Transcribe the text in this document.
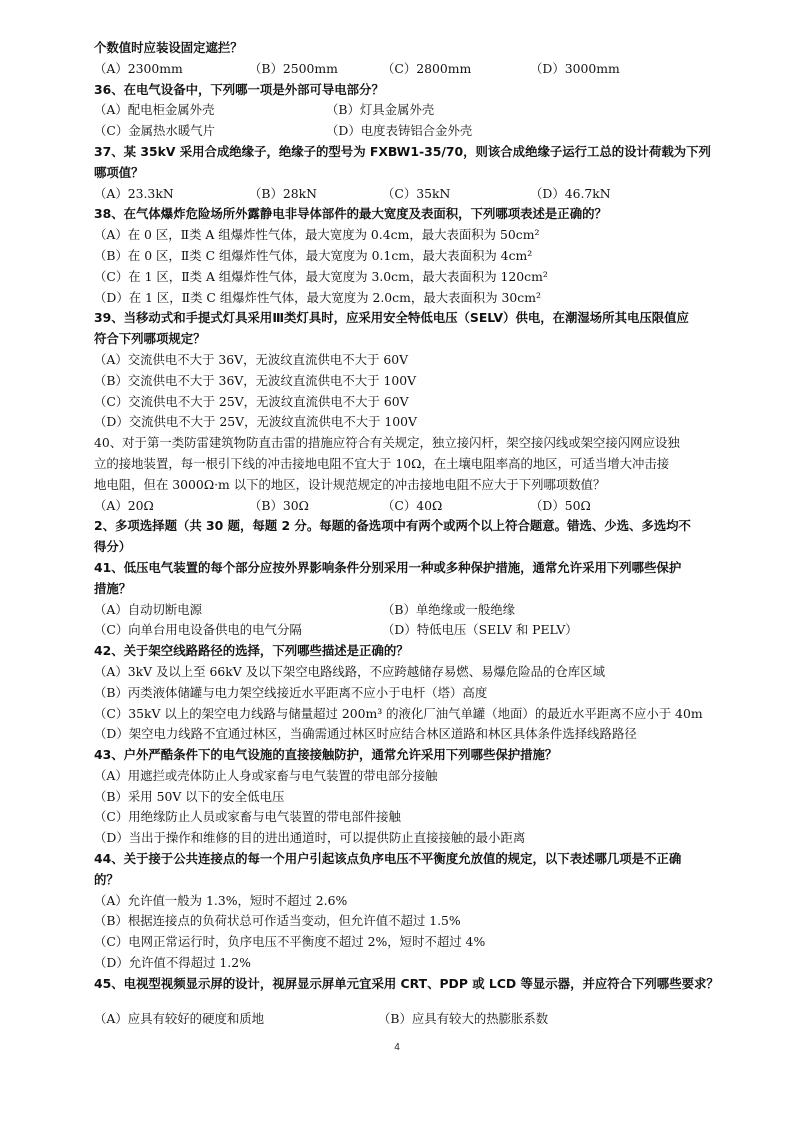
个数值时应装设固定遮拦？
（A）2300mm	（B）2500mm	（C）2800mm	（D）3000mm
36、在电气设备中，下列哪一项是外部可导电部分？
（A）配电柜金属外壳	（B）灯具金属外壳
（C）金属热水暖气片	（D）电度表铸铝合金外壳
37、某 35kV 采用合成绝缘子，绝缘子的型号为 FXBW1-35/70，则该合成绝缘子运行工总的设计荷载为下列
哪项值？
（A）23.3kN	（B）28kN	（C）35kN	（D）46.7kN
38、在气体爆炸危险场所外露静电非导体部件的最大宽度及表面积，下列哪项表述是正确的？
（A）在 0 区，Ⅱ类 A 组爆炸性气体，最大宽度为 0.4cm，最大表面积为 50cm²
（B）在 0 区，Ⅱ类 C 组爆炸性气体，最大宽度为 0.1cm，最大表面积为 4cm²
（C）在 1 区，Ⅱ类 A 组爆炸性气体，最大宽度为 3.0cm，最大表面积为 120cm²
（D）在 1 区，Ⅱ类 C 组爆炸性气体，最大宽度为 2.0cm，最大表面积为 30cm²
39、当移动式和手提式灯具采用Ⅲ类灯具时，应采用安全特低电压（SELV）供电，在潮湿场所其电压限值应
符合下列哪项规定？
（A）交流供电不大于 36V，无波纹直流供电不大于 60V
（B）交流供电不大于 36V，无波纹直流供电不大于 100V
（C）交流供电不大于 25V，无波纹直流供电不大于 60V
（D）交流供电不大于 25V，无波纹直流供电不大于 100V
40、对于第一类防雷建筑物防直击雷的措施应符合有关规定，独立接闪杆，架空接闪线或架空接闪网应设独
立的接地装置，每一根引下线的冲击接地电阻不宜大于 10Ω，在土壤电阻率高的地区，可适当增大冲击接
地电阻，但在 3000Ω·m 以下的地区，设计规范规定的冲击接地电阻不应大于下列哪项数值？
（A）20Ω	（B）30Ω	（C）40Ω	（D）50Ω
2、多项选择题（共 30 题，每题 2 分。每题的备选项中有两个或两个以上符合题意。错选、少选、多选均不
得分）
41、低压电气装置的每个部分应按外界影响条件分别采用一种或多种保护措施，通常允许采用下列哪些保护
措施？
（A）自动切断电源	（B）单绝缘或一般绝缘
（C）向单台用电设备供电的电气分隔	（D）特低电压（SELV 和 PELV）
42、关于架空线路路径的选择，下列哪些描述是正确的？
（A）3kV 及以上至 66kV 及以下架空电路线路，不应跨越储存易燃、易爆危险品的仓库区域
（B）丙类液体储罐与电力架空线接近水平距离不应小于电杆（塔）高度
（C）35kV 以上的架空电力线路与储量超过 200m³ 的液化厂油气单罐（地面）的最近水平距离不应小于 40m
（D）架空电力线路不宜通过林区，当确需通过林区时应结合林区道路和林区具体条件选择线路路径
43、户外严酷条件下的电气设施的直接接触防护，通常允许采用下列哪些保护措施？
（A）用遮拦或壳体防止人身或家畜与电气装置的带电部分接触
（B）采用 50V 以下的安全低电压
（C）用绝缘防止人员或家畜与电气装置的带电部件接触
（D）当出于操作和维修的目的进出通道时，可以提供防止直接接触的最小距离
44、关于接于公共连接点的每一个用户引起该点负序电压不平衡度允放值的规定，以下表述哪几项是不正确
的？
（A）允许值一般为 1.3%，短时不超过 2.6%
（B）根据连接点的负荷状总可作适当变动，但允许值不超过 1.5%
（C）电网正常运行时，负序电压不平衡度不超过 2%，短时不超过 4%
（D）允许值不得超过 1.2%
45、电视型视频显示屏的设计，视屏显示屏单元宜采用 CRT、PDP 或 LCD 等显示器，并应符合下列哪些要求？
（A）应具有较好的硬度和质地	（B）应具有较大的热膨胀系数
4
